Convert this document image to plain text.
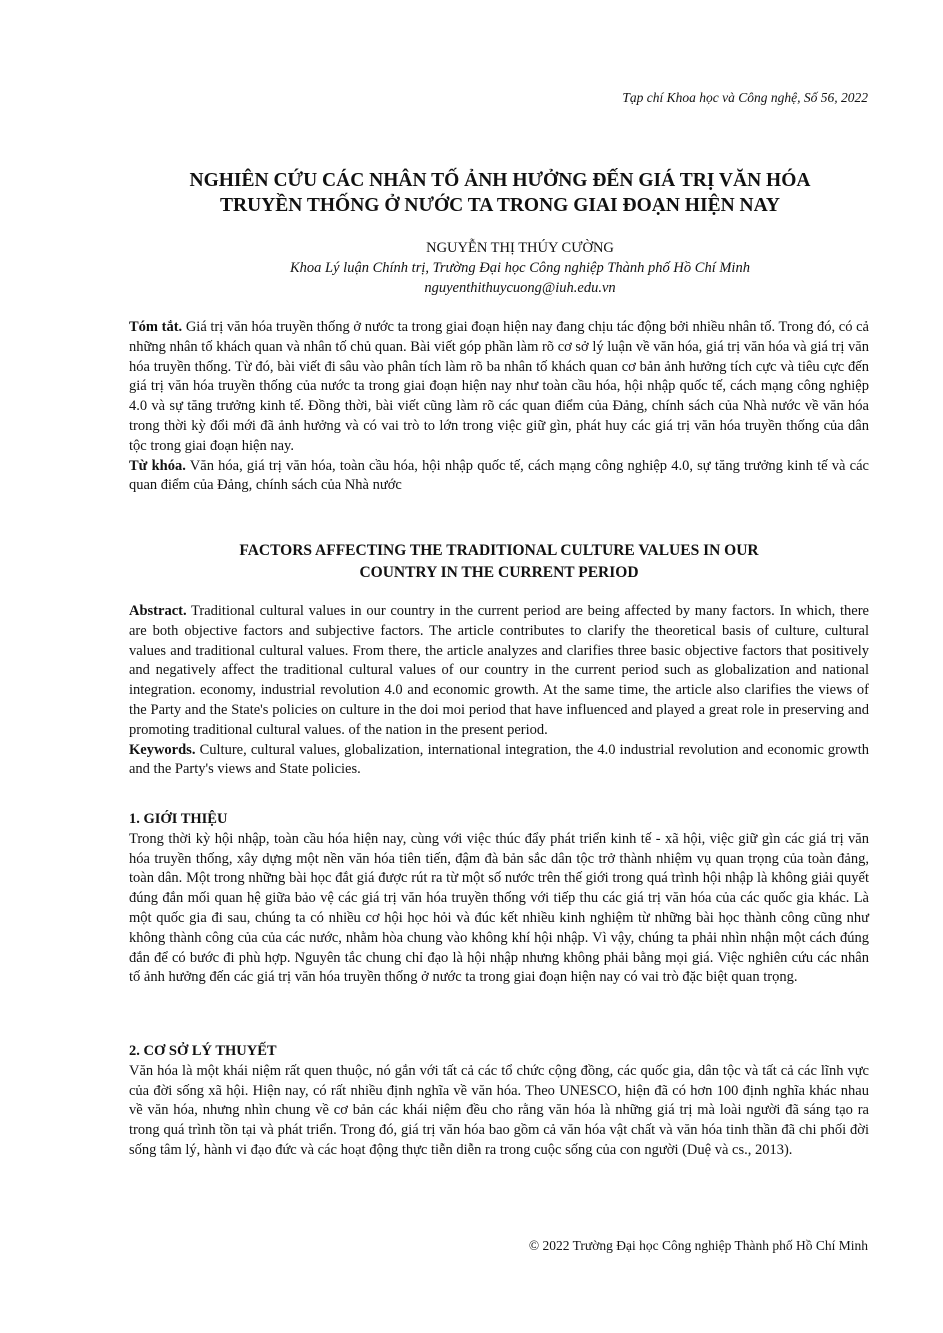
Tạp chí Khoa học và Công nghệ, Số 56, 2022
NGHIÊN CỨU CÁC NHÂN TỐ ẢNH HƯỞNG ĐẾN GIÁ TRỊ VĂN HÓA
TRUYỀN THỐNG Ở NƯỚC TA TRONG GIAI ĐOẠN HIỆN NAY
NGUYỄN THỊ THÚY CƯỜNG
Khoa Lý luận Chính trị, Trường Đại học Công nghiệp Thành phố Hồ Chí Minh
nguyenthithuycuong@iuh.edu.vn

Tóm tắt. Giá trị văn hóa truyền thống ở nước ta trong giai đoạn hiện nay đang chịu tác động bởi nhiều nhân tố. Trong đó, có cả những nhân tố khách quan và nhân tố chủ quan. Bài viết góp phần làm rõ cơ sở lý luận về văn hóa, giá trị văn hóa và giá trị văn hóa truyền thống. Từ đó, bài viết đi sâu vào phân tích làm rõ ba nhân tố khách quan cơ bản ảnh hưởng tích cực và tiêu cực đến giá trị văn hóa truyền thống của nước ta trong giai đoạn hiện nay như toàn cầu hóa, hội nhập quốc tế, cách mạng công nghiệp 4.0 và sự tăng trưởng kinh tế. Đồng thời, bài viết cũng làm rõ các quan điểm của Đảng, chính sách của Nhà nước về văn hóa trong thời kỳ đổi mới đã ảnh hưởng và có vai trò to lớn trong việc giữ gìn, phát huy các giá trị văn hóa truyền thống của dân tộc trong giai đoạn hiện nay.

Từ khóa. Văn hóa, giá trị văn hóa, toàn cầu hóa, hội nhập quốc tế, cách mạng công nghiệp 4.0, sự tăng trưởng kinh tế và các quan điểm của Đảng, chính sách của Nhà nước

FACTORS AFFECTING THE TRADITIONAL CULTURE VALUES IN OUR
COUNTRY IN THE CURRENT PERIOD

Abstract. Traditional cultural values in our country in the current period are being affected by many factors. In which, there are both objective factors and subjective factors. The article contributes to clarify the theoretical basis of culture, cultural values and traditional cultural values. From there, the article analyzes and clarifies three basic objective factors that positively and negatively affect the traditional cultural values of our country in the current period such as globalization and national integration. economy, industrial revolution 4.0 and economic growth. At the same time, the article also clarifies the views of the Party and the State's policies on culture in the doi moi period that have influenced and played a great role in preserving and promoting traditional cultural values. of the nation in the present period.

Keywords. Culture, cultural values, globalization, international integration, the 4.0 industrial revolution and economic growth and the Party's views and State policies.

1. GIỚI THIỆU

Trong thời kỳ hội nhập, toàn cầu hóa hiện nay, cùng với việc thúc đẩy phát triển kinh tế - xã hội, việc giữ gìn các giá trị văn hóa truyền thống, xây dựng một nền văn hóa tiên tiến, đậm đà bản sắc dân tộc trở thành nhiệm vụ quan trọng của toàn đảng, toàn dân. Một trong những bài học đắt giá được rút ra từ một số nước trên thế giới trong quá trình hội nhập là không giải quyết đúng đắn mối quan hệ giữa bảo vệ các giá trị văn hóa truyền thống với tiếp thu các giá trị văn hóa của các quốc gia khác. Là một quốc gia đi sau, chúng ta có nhiều cơ hội học hỏi và đúc kết nhiều kinh nghiệm từ những bài học thành công cũng như không thành công của của các nước, nhằm hòa chung vào không khí hội nhập. Vì vậy, chúng ta phải nhìn nhận một cách đúng đắn để có bước đi phù hợp. Nguyên tắc chung chỉ đạo là hội nhập nhưng không phải bằng mọi giá. Việc nghiên cứu các nhân tố ảnh hưởng đến các giá trị văn hóa truyền thống ở nước ta trong giai đoạn hiện nay có vai trò đặc biệt quan trọng.

2. CƠ SỞ LÝ THUYẾT

Văn hóa là một khái niệm rất quen thuộc, nó gắn với tất cả các tổ chức cộng đồng, các quốc gia, dân tộc và tất cả các lĩnh vực của đời sống xã hội. Hiện nay, có rất nhiều định nghĩa về văn hóa. Theo UNESCO, hiện đã có hơn 100 định nghĩa khác nhau về văn hóa, nhưng nhìn chung về cơ bản các khái niệm đều cho rằng văn hóa là những giá trị mà loài người đã sáng tạo ra trong quá trình tồn tại và phát triển. Trong đó, giá trị văn hóa bao gồm cả văn hóa vật chất và văn hóa tinh thần đã chi phối đời sống tâm lý, hành vi đạo đức và các hoạt động thực tiễn diễn ra trong cuộc sống của con người (Duệ và cs., 2013).

© 2022 Trường Đại học Công nghiệp Thành phố Hồ Chí Minh
